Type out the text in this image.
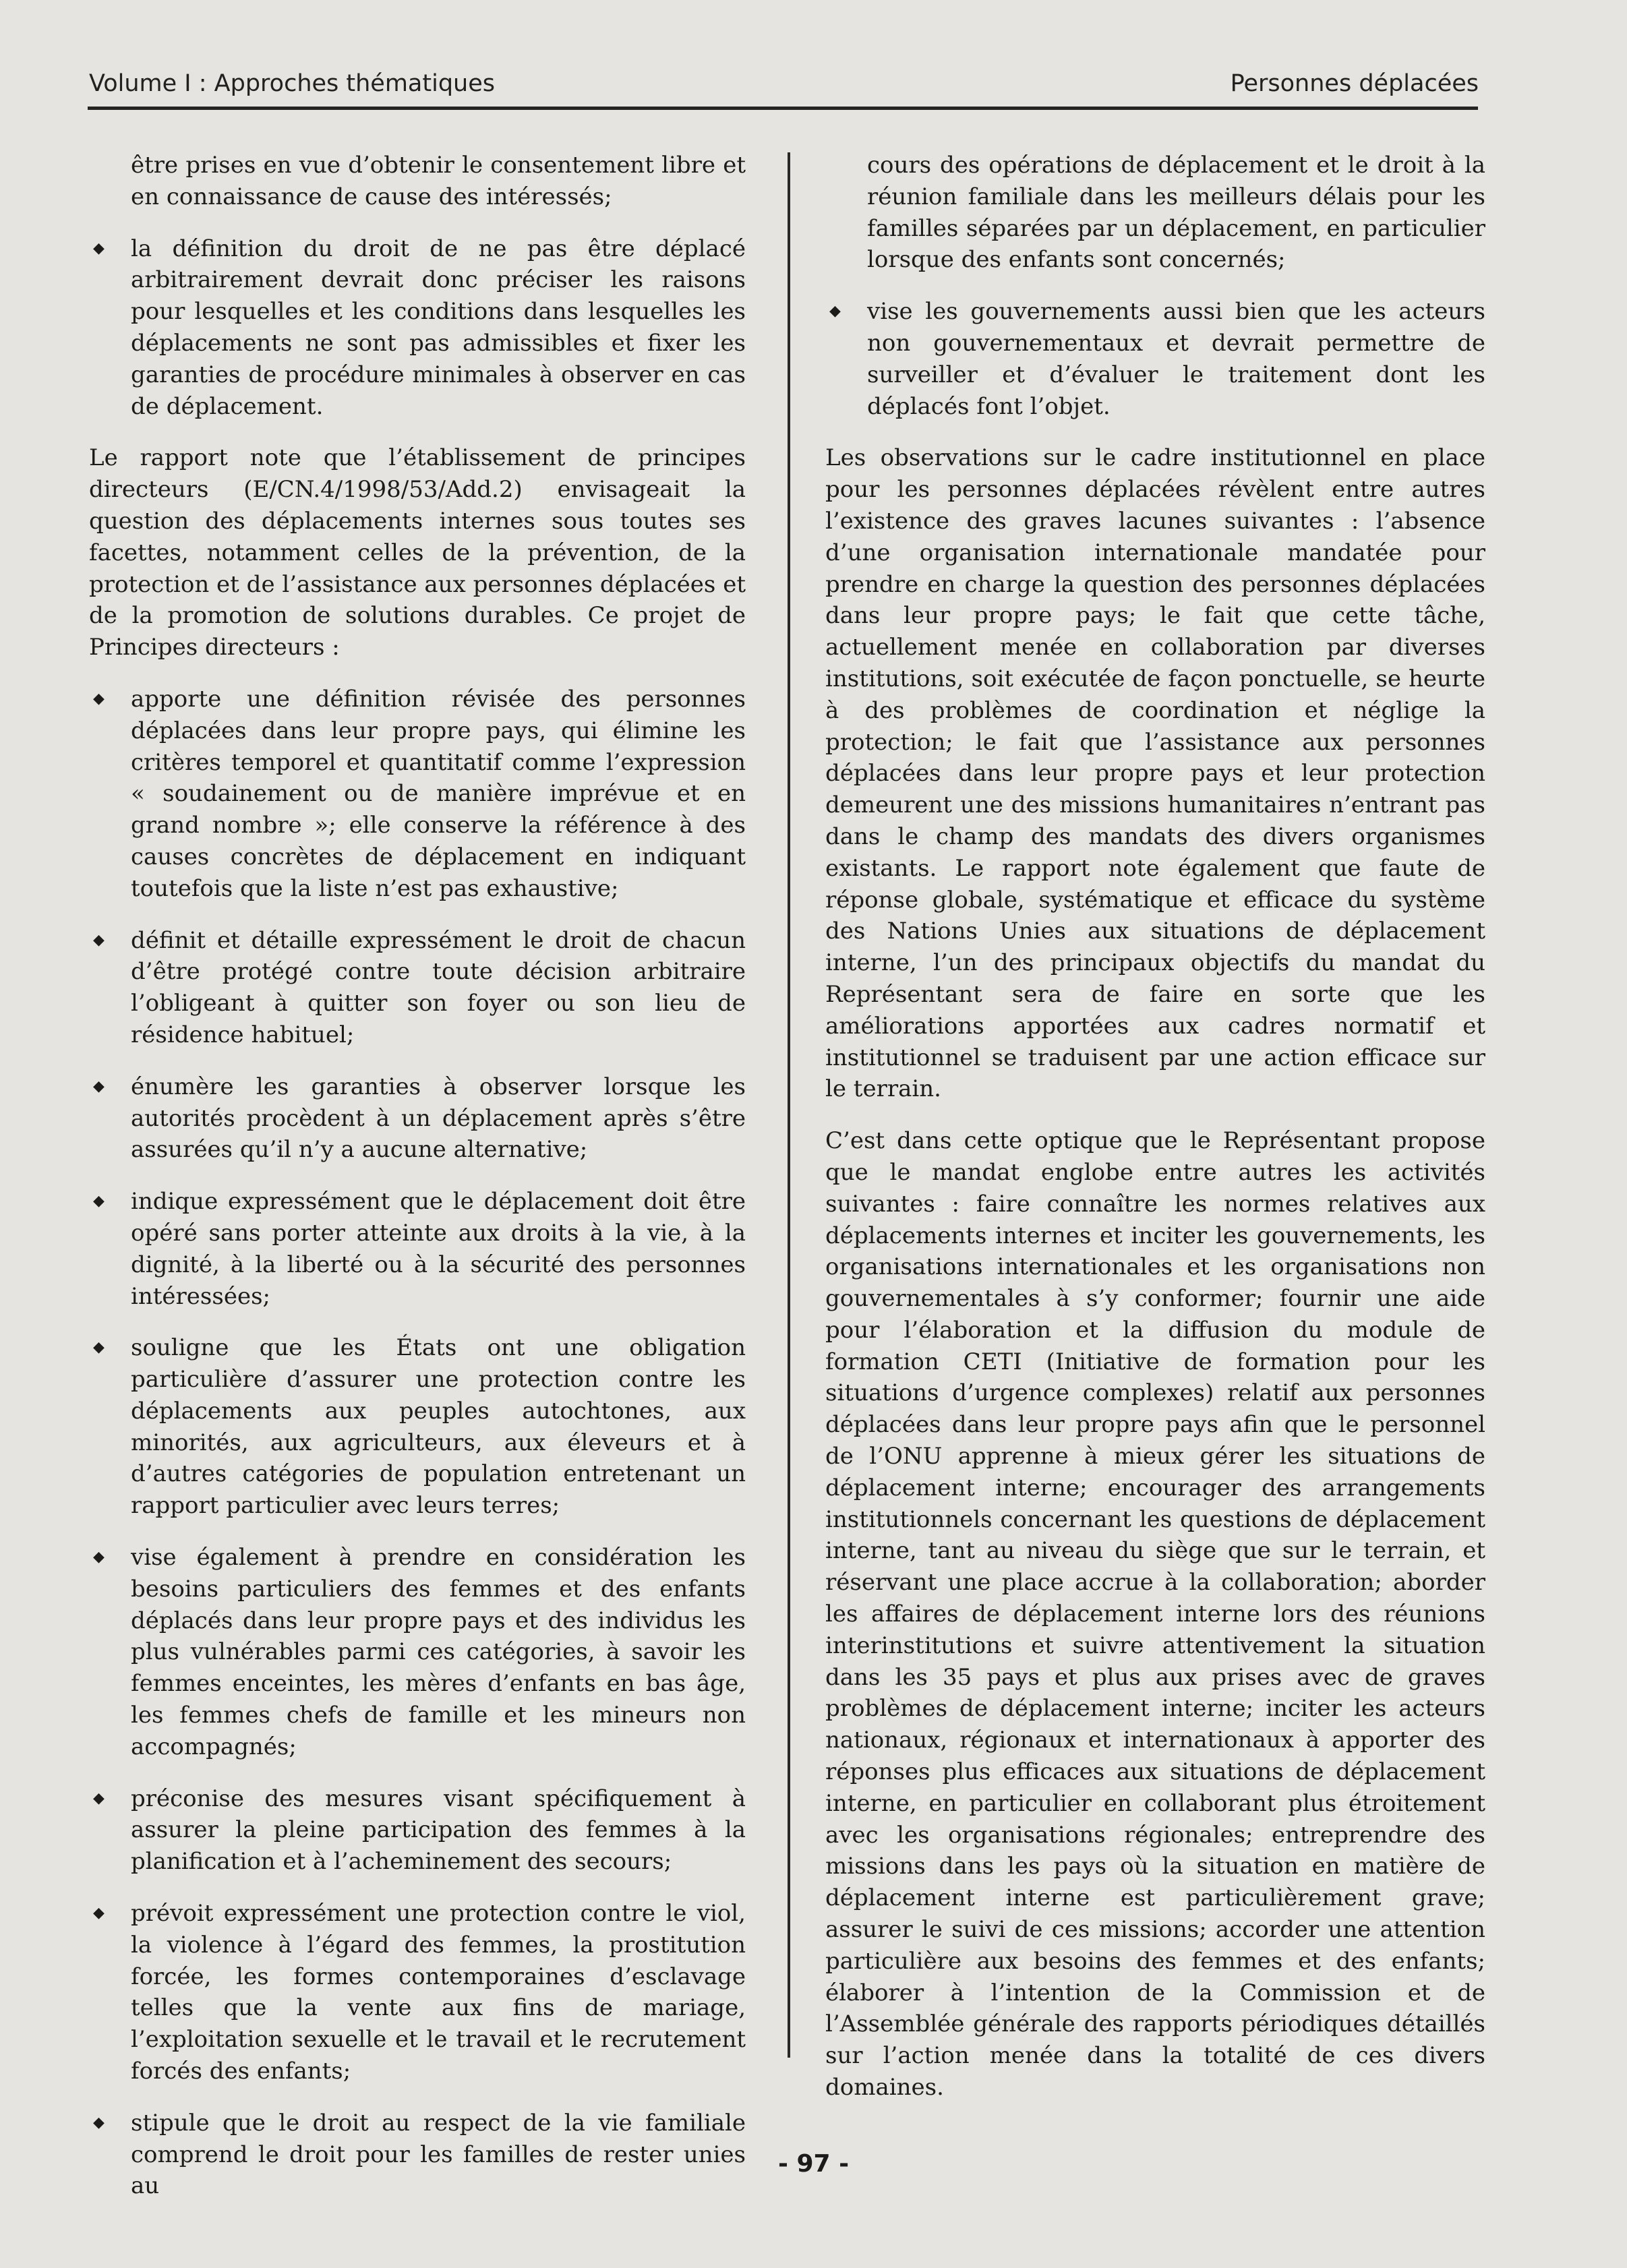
Volume I : Approches thématiques	Personnes déplacées

être prises en vue d’obtenir le consentement libre et en connaissance de cause des intéressés;

◆ la définition du droit de ne pas être déplacé arbitrairement devrait donc préciser les raisons pour lesquelles et les conditions dans lesquelles les déplacements ne sont pas admissibles et fixer les garanties de procédure minimales à observer en cas de déplacement.

Le rapport note que l’établissement de principes directeurs (E/CN.4/1998/53/Add.2) envisageait la question des déplacements internes sous toutes ses facettes, notamment celles de la prévention, de la protection et de l’assistance aux personnes déplacées et de la promotion de solutions durables. Ce projet de Principes directeurs :

◆ apporte une définition révisée des personnes déplacées dans leur propre pays, qui élimine les critères temporel et quantitatif comme l’expression « soudainement ou de manière imprévue et en grand nombre »; elle conserve la référence à des causes concrètes de déplacement en indiquant toutefois que la liste n’est pas exhaustive;
◆ définit et détaille expressément le droit de chacun d’être protégé contre toute décision arbitraire l’obligeant à quitter son foyer ou son lieu de résidence habituel;
◆ énumère les garanties à observer lorsque les autorités procèdent à un déplacement après s’être assurées qu’il n’y a aucune alternative;
◆ indique expressément que le déplacement doit être opéré sans porter atteinte aux droits à la vie, à la dignité, à la liberté ou à la sécurité des personnes intéressées;
◆ souligne que les États ont une obligation particulière d’assurer une protection contre les déplacements aux peuples autochtones, aux minorités, aux agriculteurs, aux éleveurs et à d’autres catégories de population entretenant un rapport particulier avec leurs terres;
◆ vise également à prendre en considération les besoins particuliers des femmes et des enfants déplacés dans leur propre pays et des individus les plus vulnérables parmi ces catégories, à savoir les femmes enceintes, les mères d’enfants en bas âge, les femmes chefs de famille et les mineurs non accompagnés;
◆ préconise des mesures visant spécifiquement à assurer la pleine participation des femmes à la planification et à l’acheminement des secours;
◆ prévoit expressément une protection contre le viol, la violence à l’égard des femmes, la prostitution forcée, les formes contemporaines d’esclavage telles que la vente aux fins de mariage, l’exploitation sexuelle et le travail et le recrutement forcés des enfants;
◆ stipule que le droit au respect de la vie familiale comprend le droit pour les familles de rester unies au

cours des opérations de déplacement et le droit à la réunion familiale dans les meilleurs délais pour les familles séparées par un déplacement, en particulier lorsque des enfants sont concernés;

◆ vise les gouvernements aussi bien que les acteurs non gouvernementaux et devrait permettre de surveiller et d’évaluer le traitement dont les déplacés font l’objet.

Les observations sur le cadre institutionnel en place pour les personnes déplacées révèlent entre autres l’existence des graves lacunes suivantes : l’absence d’une organisation internationale mandatée pour prendre en charge la question des personnes déplacées dans leur propre pays; le fait que cette tâche, actuellement menée en collaboration par diverses institutions, soit exécutée de façon ponctuelle, se heurte à des problèmes de coordination et néglige la protection; le fait que l’assistance aux personnes déplacées dans leur propre pays et leur protection demeurent une des missions humanitaires n’entrant pas dans le champ des mandats des divers organismes existants. Le rapport note également que faute de réponse globale, systématique et efficace du système des Nations Unies aux situations de déplacement interne, l’un des principaux objectifs du mandat du Représentant sera de faire en sorte que les améliorations apportées aux cadres normatif et institutionnel se traduisent par une action efficace sur le terrain.

C’est dans cette optique que le Représentant propose que le mandat englobe entre autres les activités suivantes : faire connaître les normes relatives aux déplacements internes et inciter les gouvernements, les organisations internationales et les organisations non gouvernementales à s’y conformer; fournir une aide pour l’élaboration et la diffusion du module de formation CETI (Initiative de formation pour les situations d’urgence complexes) relatif aux personnes déplacées dans leur propre pays afin que le personnel de l’ONU apprenne à mieux gérer les situations de déplacement interne; encourager des arrangements institutionnels concernant les questions de déplacement interne, tant au niveau du siège que sur le terrain, et réservant une place accrue à la collaboration; aborder les affaires de déplacement interne lors des réunions interinstitutions et suivre attentivement la situation dans les 35 pays et plus aux prises avec de graves problèmes de déplacement interne; inciter les acteurs nationaux, régionaux et internationaux à apporter des réponses plus efficaces aux situations de déplacement interne, en particulier en collaborant plus étroitement avec les organisations régionales; entreprendre des missions dans les pays où la situation en matière de déplacement interne est particulièrement grave; assurer le suivi de ces missions; accorder une attention particulière aux besoins des femmes et des enfants; élaborer à l’intention de la Commission et de l’Assemblée générale des rapports périodiques détaillés sur l’action menée dans la totalité de ces divers domaines.

- 97 -
